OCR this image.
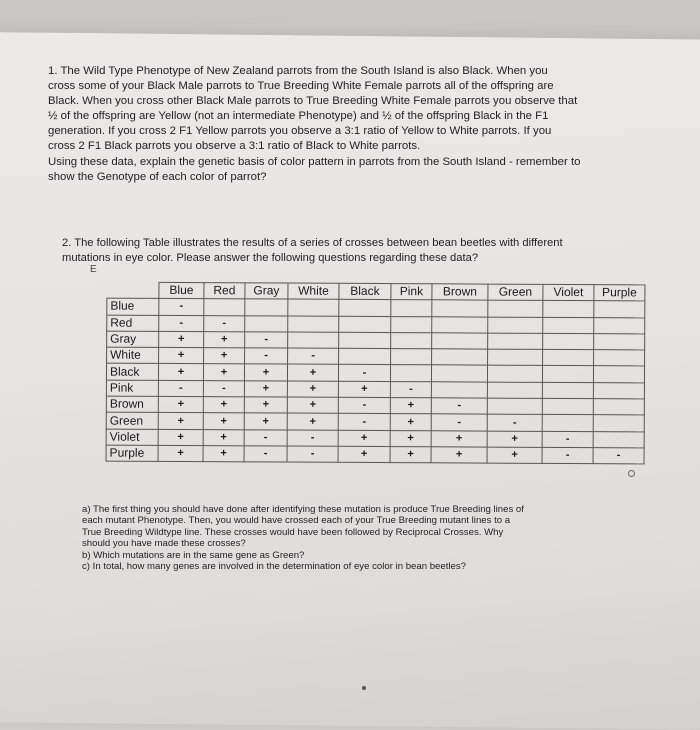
1. The Wild Type Phenotype of New Zealand parrots from the South Island is also Black. When you

cross some of your Black Male parrots to True Breeding White Female parrots all of the offspring are

Black. When you cross other Black Male parrots to True Breeding White Female parrots you observe that

½ of the offspring are Yellow (not an intermediate Phenotype) and ½ of the offspring Black in the F1

generation. If you cross 2 F1 Yellow parrots you observe a 3:1 ratio of Yellow to White parrots. If you

cross 2 F1 Black parrots you observe a 3:1 ratio of Black to White parrots.

Using these data, explain the genetic basis of color pattern in parrots from the South Island - remember to

show the Genotype of each color of parrot?

2. The following Table illustrates the results of a series of crosses between bean beetles with different

mutations in eye color. Please answer the following questions regarding these data?

E
	Blue	Red	Gray	White	Black	Pink	Brown	Green	Violet	Purple
Blue	-									
Red	-	-								
Gray	+	+	-							
White	+	+	-	-						
Black	+	+	+	+	-					
Pink	-	-	+	+	+	-				
Brown	+	+	+	+	-	+	-			
Green	+	+	+	+	-	+	-	-		
Violet	+	+	-	-	+	+	+	+	-	
Purple	+	+	-	-	+	+	+	+	-	-

a) The first thing you should have done after identifying these mutation is produce True Breeding lines of

each mutant Phenotype. Then, you would have crossed each of your True Breeding mutant lines to a

True Breeding Wildtype line. These crosses would have been followed by Reciprocal Crosses. Why

should you have made these crosses?

b) Which mutations are in the same gene as Green?

c) In total, how many genes are involved in the determination of eye color in bean beetles?
